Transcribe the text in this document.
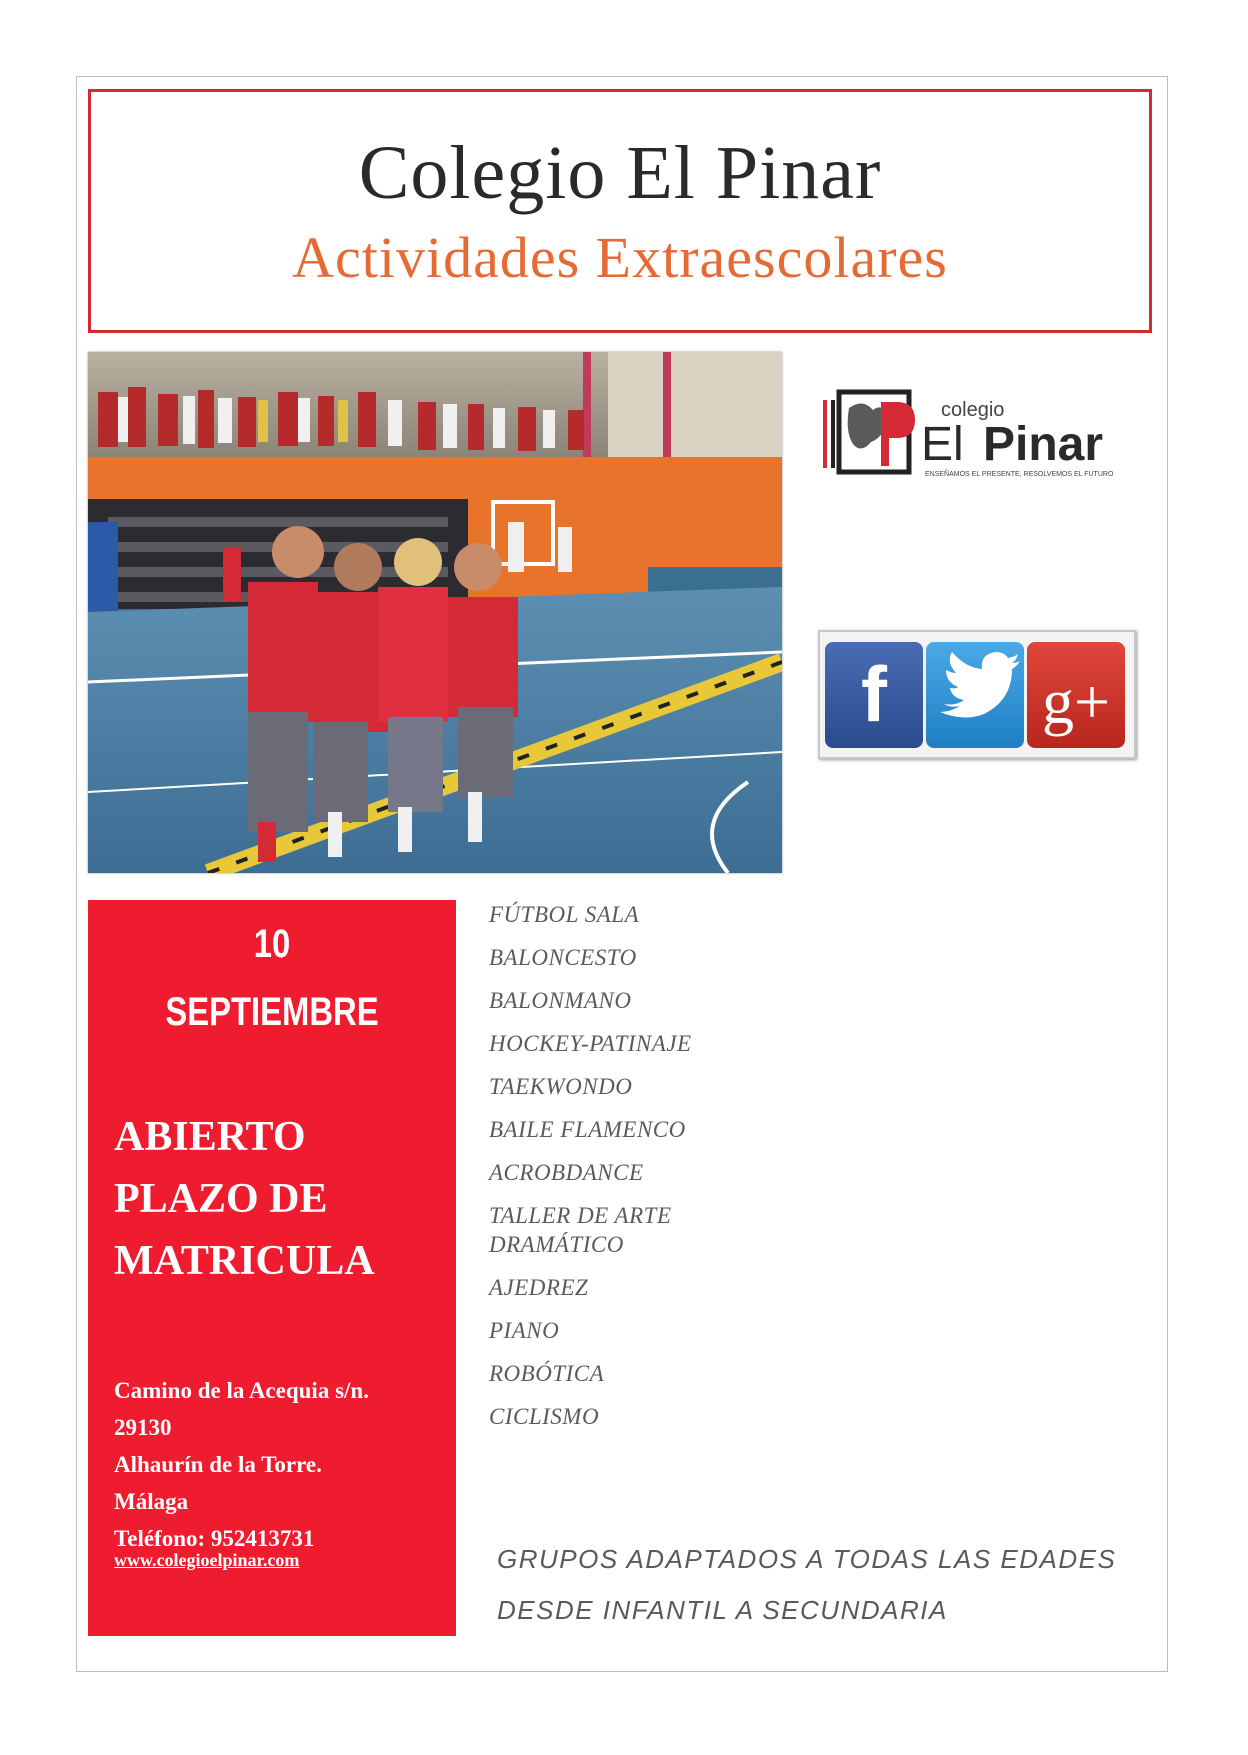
Colegio El Pinar
Actividades Extraescolares
colegio
El Pinar
ENSEÑAMOS EL PRESENTE, RESOLVEMOS EL FUTURO
f	g+
10
SEPTIEMBRE
ABIERTO
PLAZO DE
MATRICULA
Camino de la Acequia s/n.
29130
Alhaurín de la Torre.
Málaga
Teléfono: 952413731
www.colegioelpinar.com
FÚTBOL SALA
BALONCESTO
BALONMANO
HOCKEY-PATINAJE
TAEKWONDO
BAILE FLAMENCO
ACROBDANCE
TALLER DE ARTE DRAMÁTICO
AJEDREZ
PIANO
ROBÓTICA
CICLISMO
GRUPOS ADAPTADOS A TODAS LAS EDADES
DESDE INFANTIL A SECUNDARIA
